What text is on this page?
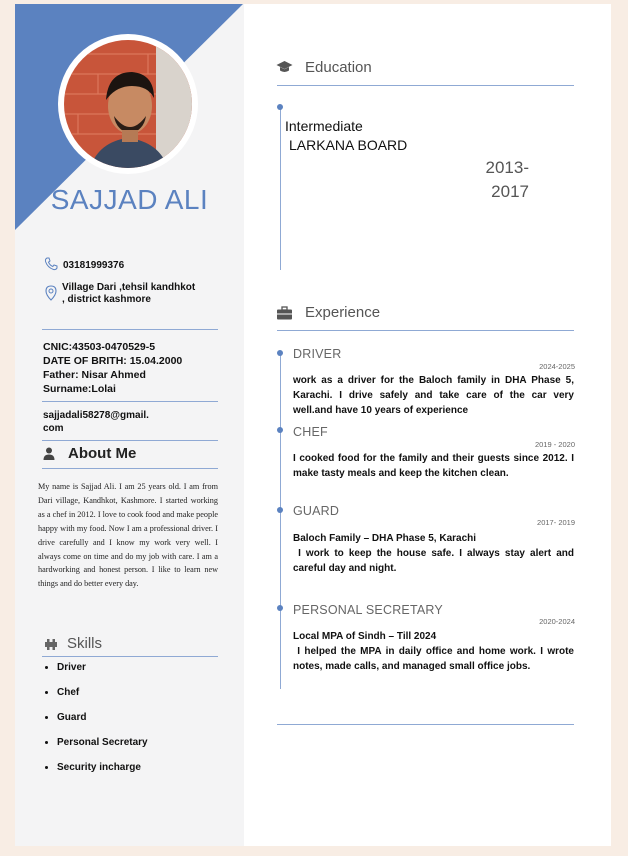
SAJJAD ALI
03181999376
Village Dari ,tehsil kandhkot
, district kashmore
CNIC:43503-0470529-5
DATE OF BRITH: 15.04.2000
Father: Nisar Ahmed
Surname:Lolai
sajjadali58278@gmail.
com
About Me
My name is Sajjad Ali. I am 25 years old. I am from Dari village, Kandhkot, Kashmore. I started working as a chef in 2012. I love to cook food and make people happy with my food. Now I am a professional driver. I drive carefully and I know my work very well. I always come on time and do my job with care. I am a hardworking and honest person. I like to learn new things and do better every day.
Skills
Driver
Chef
Guard
Personal Secretary
Security incharge
Education
Intermediate
LARKANA BOARD
2013-
2017
Experience
DRIVER
2024-2025
work as a driver for the Baloch family in DHA Phase 5, Karachi. I drive safely and take care of the car very well.and have 10 years of experience
CHEF
2019 - 2020
I cooked food for the family and their guests since 2012. I make tasty meals and keep the kitchen clean.
GUARD
2017- 2019
Baloch Family – DHA Phase 5, Karachi
I work to keep the house safe. I always stay alert and careful day and night.
PERSONAL SECRETARY
2020-2024
Local MPA of Sindh – Till 2024
I helped the MPA in daily office and home work. I wrote notes, made calls, and managed small office jobs.
